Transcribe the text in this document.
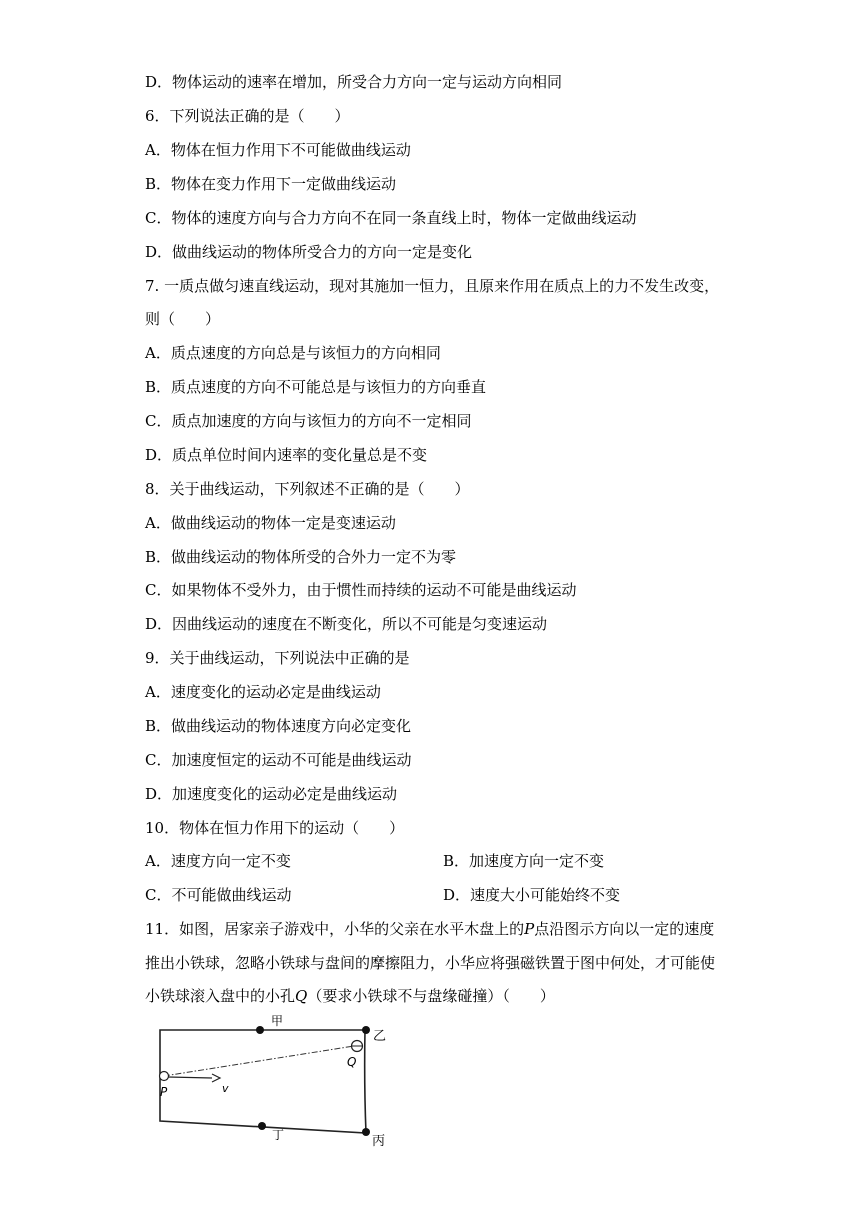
D．物体运动的速率在增加，所受合力方向一定与运动方向相同
6．下列说法正确的是（　　）
A．物体在恒力作用下不可能做曲线运动
B．物体在变力作用下一定做曲线运动
C．物体的速度方向与合力方向不在同一条直线上时，物体一定做曲线运动
D．做曲线运动的物体所受合力的方向一定是变化
7. 一质点做匀速直线运动，现对其施加一恒力，且原来作用在质点上的力不发生改变，
则（　　）
A．质点速度的方向总是与该恒力的方向相同
B．质点速度的方向不可能总是与该恒力的方向垂直
C．质点加速度的方向与该恒力的方向不一定相同
D．质点单位时间内速率的变化量总是不变
8．关于曲线运动，下列叙述不正确的是（　　）
A．做曲线运动的物体一定是变速运动
B．做曲线运动的物体所受的合外力一定不为零
C．如果物体不受外力，由于惯性而持续的运动不可能是曲线运动
D．因曲线运动的速度在不断变化，所以不可能是匀变速运动
9．关于曲线运动，下列说法中正确的是
A．速度变化的运动必定是曲线运动
B．做曲线运动的物体速度方向必定变化
C．加速度恒定的运动不可能是曲线运动
D．加速度变化的运动必定是曲线运动
10．物体在恒力作用下的运动（　　）
A．速度方向一定不变	B．加速度方向一定不变
C．不可能做曲线运动	D．速度大小可能始终不变
11．如图，居家亲子游戏中，小华的父亲在水平木盘上的P点沿图示方向以一定的速度
推出小铁球，忽略小铁球与盘间的摩擦阻力，小华应将强磁铁置于图中何处，才可能使
小铁球滚入盘中的小孔Q（要求小铁球不与盘缘碰撞）（　　）
甲
乙
丙
丁
P
Q
v
